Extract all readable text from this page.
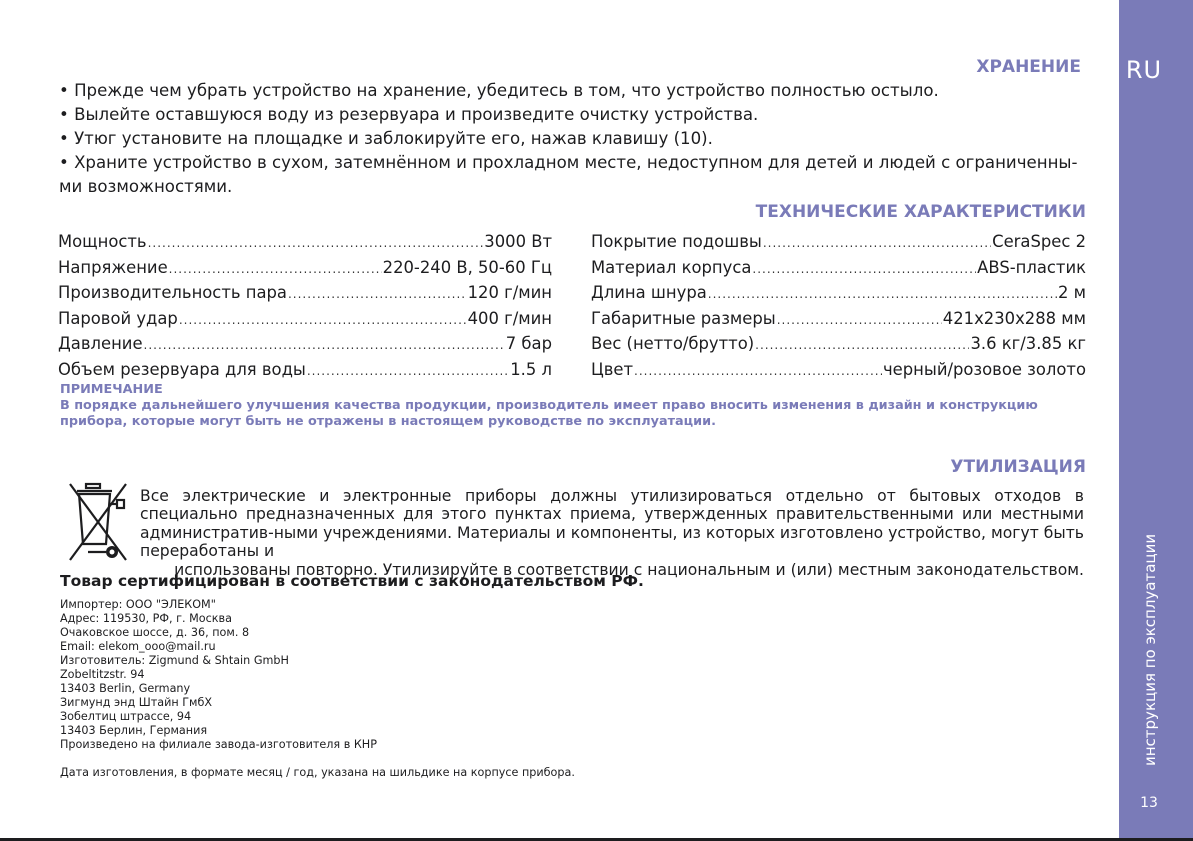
ХРАНЕНИЕ
• Прежде чем убрать устройство на хранение, убедитесь в том, что устройство полностью остыло.
• Вылейте оставшуюся воду из резервуара и произведите очистку устройства.
• Утюг установите на площадке и заблокируйте его, нажав клавишу (10).
• Храните устройство в сухом, затемнённом и прохладном месте, недоступном для детей и людей с ограниченны-ми возможностями.
ТЕХНИЧЕСКИЕ ХАРАКТЕРИСТИКИ
Мощность .....	3000 Вт
Напряжение .....	220-240 В, 50-60 Гц
Производительность пара .....	120 г/мин
Паровой удар .....	400 г/мин
Давление .....	7 бар
Объем резервуара для воды .....	1.5 л
Покрытие подошвы .....	CeraSpec 2
Материал корпуса .....	ABS-пластик
Длина шнура .....	2 м
Габаритные размеры .....	421x230x288 мм
Вес (нетто/брутто) .....	3.6 кг/3.85 кг
Цвет .....	черный/розовое золото
ПРИМЕЧАНИЕ
В порядке дальнейшего улучшения качества продукции, производитель имеет право вносить изменения в дизайн и конструкцию прибора, которые могут быть не отражены в настоящем руководстве по эксплуатации.
УТИЛИЗАЦИЯ
Все электрические и электронные приборы должны утилизироваться отдельно от бытовых отходов в специально предназначенных для этого пунктах приема, утвержденных правительственными или местными административ-ными учреждениями. Материалы и компоненты, из которых изготовлено устройство, могут быть переработаны и
использованы повторно. Утилизируйте в соответствии с национальным и (или) местным законодательством.
Товар сертифицирован в соответствии с законодательством РФ.
Импортер: ООО "ЭЛЕКОМ"
Адрес: 119530, РФ, г. Москва
Очаковское шоссе, д. 36, пом. 8
Email: elekom_ooo@mail.ru
Изготовитель: Zigmund & Shtain GmbH
Zobeltitzstr. 94
13403 Berlin, Germany
Зигмунд энд Штайн ГмбХ
Зобелтиц штрассе, 94
13403 Берлин, Германия
Произведено на филиале завода-изготовителя в КНР
Дата изготовления, в формате месяц / год, указана на шильдике на корпусе прибора.
RU
инструкция по эксплуатации
13
